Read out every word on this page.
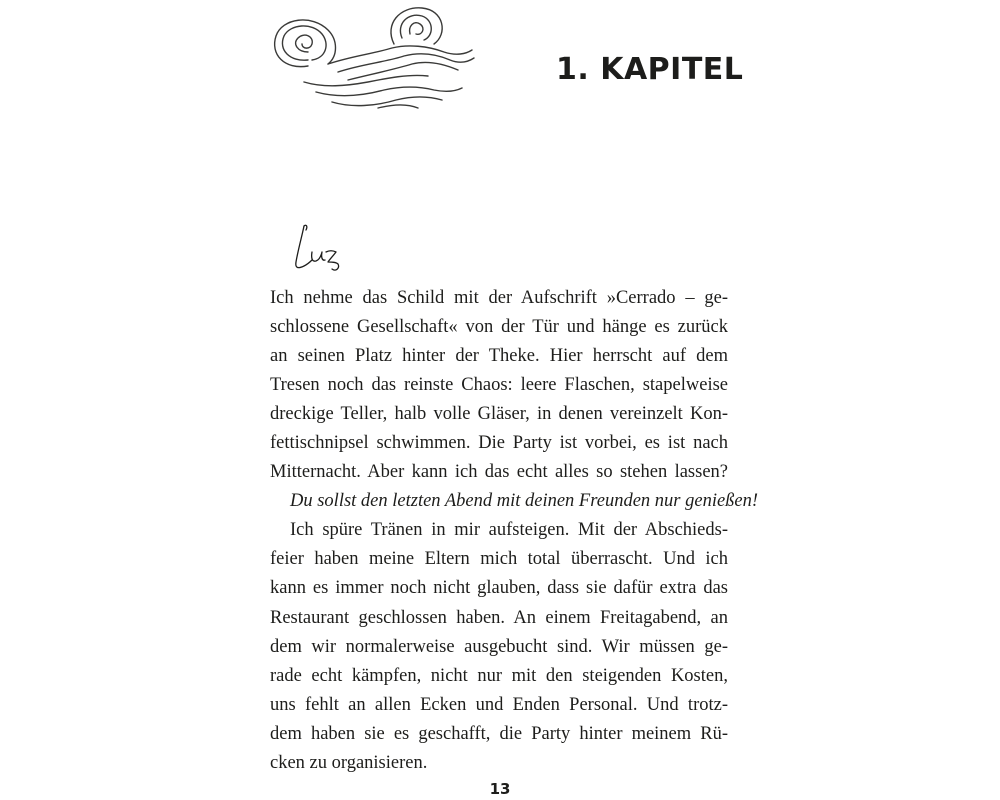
1. KAPITEL
Ich nehme das Schild mit der Aufschrift »Cerrado – ge-
schlossene Gesellschaft« von der Tür und hänge es zurück
an seinen Platz hinter der Theke. Hier herrscht auf dem
Tresen noch das reinste Chaos: leere Flaschen, stapelweise
dreckige Teller, halb volle Gläser, in denen vereinzelt Kon-
fettischnipsel schwimmen. Die Party ist vorbei, es ist nach
Mitternacht. Aber kann ich das echt alles so stehen lassen?
Du sollst den letzten Abend mit deinen Freunden nur genießen!
Ich spüre Tränen in mir aufsteigen. Mit der Abschieds-
feier haben meine Eltern mich total überrascht. Und ich
kann es immer noch nicht glauben, dass sie dafür extra das
Restaurant geschlossen haben. An einem Freitagabend, an
dem wir normalerweise ausgebucht sind. Wir müssen ge-
rade echt kämpfen, nicht nur mit den steigenden Kosten,
uns fehlt an allen Ecken und Enden Personal. Und trotz-
dem haben sie es geschafft, die Party hinter meinem Rü-
cken zu organisieren.
13
